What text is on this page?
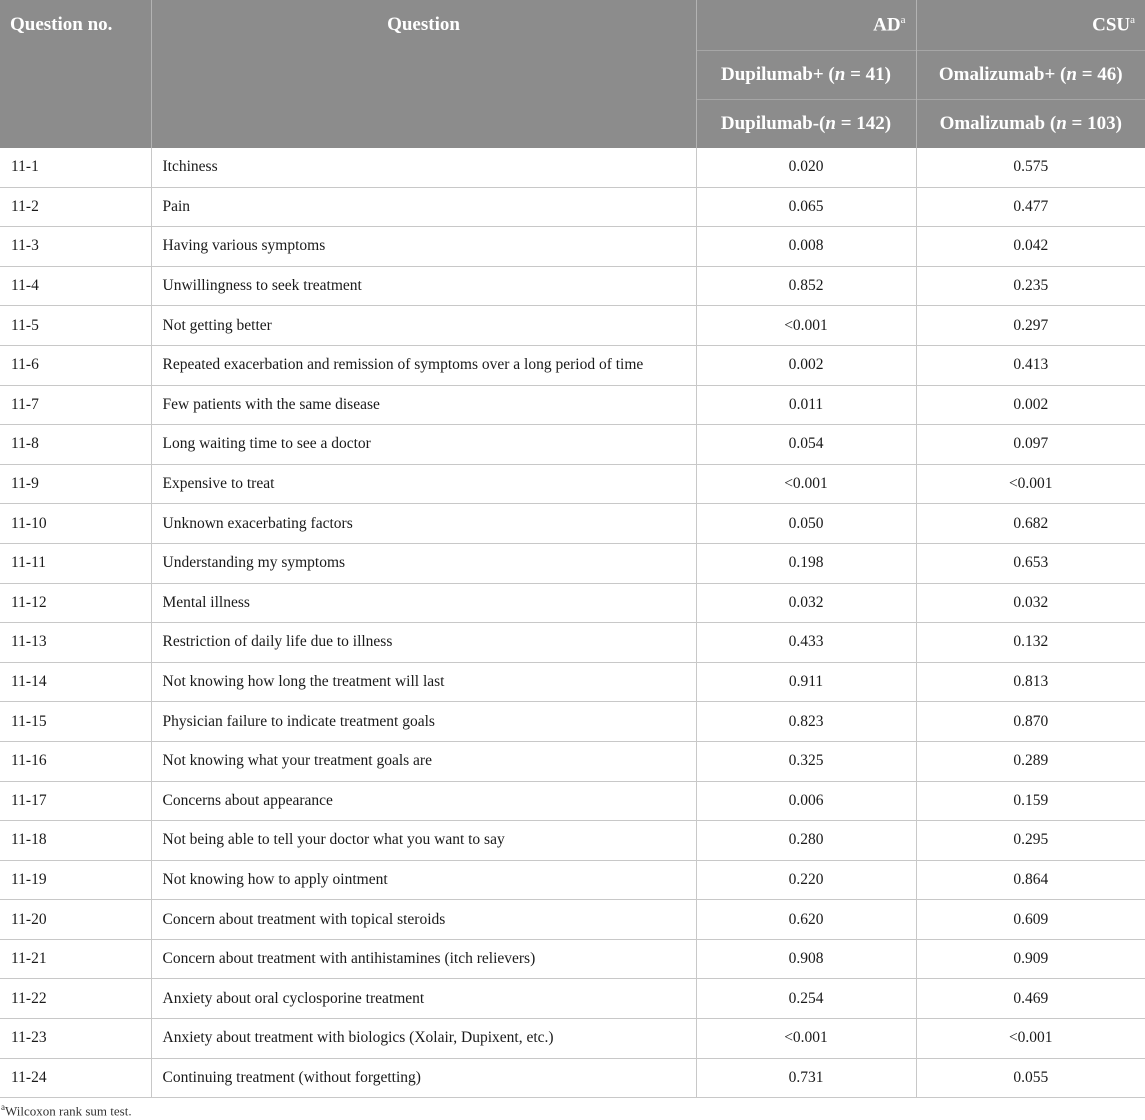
Question no.	Question	$AD^a$	CSU$^a$
		Dupilumab+ (n = 41)	Omalizumab+ (n = 46)
		Dupilumab-(n = 142)	Omalizumab (n = 103)
11-1	Itchiness	0.020	0.575
11-2	Pain	0.065	0.477
11-3	Having various symptoms	0.008	0.042
11-4	Unwillingness to seek treatment	0.852	0.235
11-5	Not getting better	<0.001	0.297
11-6	Repeated exacerbation and remission of symptoms over a long period of time	0.002	0.413
11-7	Few patients with the same disease	0.011	0.002
11-8	Long waiting time to see a doctor	0.054	0.097
11-9	Expensive to treat	<0.001	<0.001
11-10	Unknown exacerbating factors	0.050	0.682
11-11	Understanding my symptoms	0.198	0.653
11-12	Mental illness	0.032	0.032
11-13	Restriction of daily life due to illness	0.433	0.132
11-14	Not knowing how long the treatment will last	0.911	0.813
11-15	Physician failure to indicate treatment goals	0.823	0.870
11-16	Not knowing what your treatment goals are	0.325	0.289
11-17	Concerns about appearance	0.006	0.159
11-18	Not being able to tell your doctor what you want to say	0.280	0.295
11-19	Not knowing how to apply ointment	0.220	0.864
11-20	Concern about treatment with topical steroids	0.620	0.609
11-21	Concern about treatment with antihistamines (itch relievers)	0.908	0.909
11-22	Anxiety about oral cyclosporine treatment	0.254	0.469
11-23	Anxiety about treatment with biologics (Xolair, Dupixent, etc.)	<0.001	<0.001
11-24	Continuing treatment (without forgetting)	0.731	0.055
$^a$Wilcoxon rank sum test.
